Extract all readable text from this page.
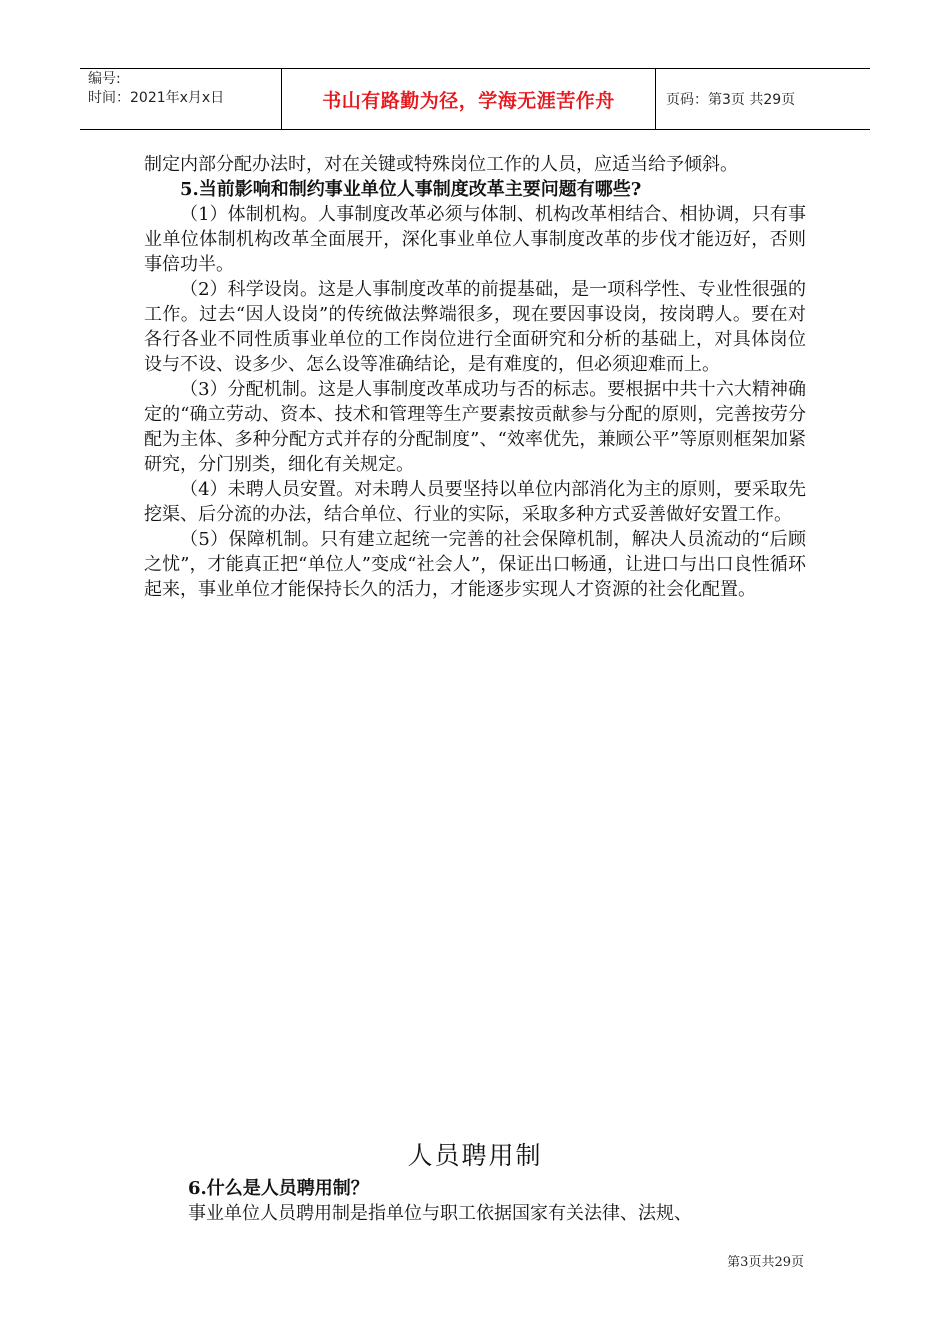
编号:
时间：2021年x月x日	书山有路勤为径，学海无涯苦作舟	页码：第3页 共29页

制定内部分配办法时，对在关键或特殊岗位工作的人员，应适当给予倾斜。

5.当前影响和制约事业单位人事制度改革主要问题有哪些?

（1）体制机构。人事制度改革必须与体制、机构改革相结合、相协调，只有事业单位体制机构改革全面展开，深化事业单位人事制度改革的步伐才能迈好，否则事倍功半。

（2）科学设岗。这是人事制度改革的前提基础，是一项科学性、专业性很强的工作。过去“因人设岗”的传统做法弊端很多，现在要因事设岗，按岗聘人。要在对各行各业不同性质事业单位的工作岗位进行全面研究和分析的基础上，对具体岗位设与不设、设多少、怎么设等准确结论，是有难度的，但必须迎难而上。

（3）分配机制。这是人事制度改革成功与否的标志。要根据中共十六大精神确定的“确立劳动、资本、技术和管理等生产要素按贡献参与分配的原则，完善按劳分配为主体、多种分配方式并存的分配制度”、“效率优先，兼顾公平”等原则框架加紧研究，分门别类，细化有关规定。

（4）未聘人员安置。对未聘人员要坚持以单位内部消化为主的原则，要采取先挖渠、后分流的办法，结合单位、行业的实际，采取多种方式妥善做好安置工作。

（5）保障机制。只有建立起统一完善的社会保障机制，解决人员流动的“后顾之忧”，才能真正把“单位人”变成“社会人”，保证出口畅通，让进口与出口良性循环起来，事业单位才能保持长久的活力，才能逐步实现人才资源的社会化配置。

人员聘用制

6.什么是人员聘用制？

事业单位人员聘用制是指单位与职工依据国家有关法律、法规、

第3页共29页
